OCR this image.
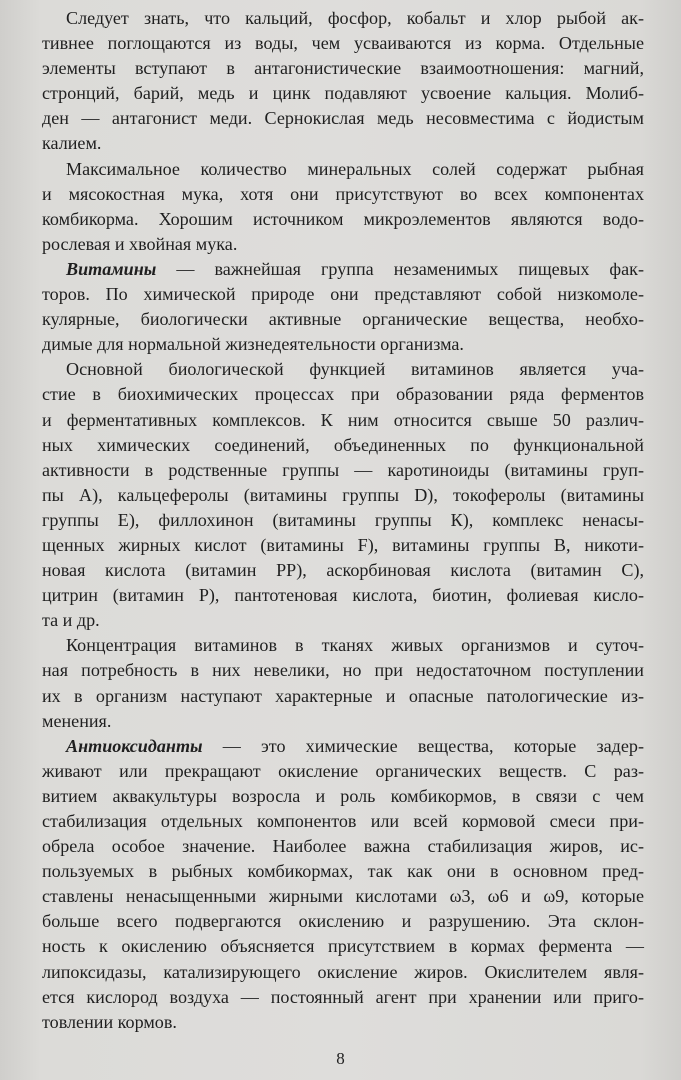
Следует знать, что кальций, фосфор, кобальт и хлор рыбой ак-
тивнее поглощаются из воды, чем усваиваются из корма. Отдельные
элементы вступают в антагонистические взаимоотношения: магний,
стронций, барий, медь и цинк подавляют усвоение кальция. Молиб-
ден — антагонист меди. Сернокислая медь несовместима с йодистым
калием.
Максимальное количество минеральных солей содержат рыбная
и мясокостная мука, хотя они присутствуют во всех компонентах
комбикорма. Хорошим источником микроэлементов являются водо-
рослевая и хвойная мука.
Витамины — важнейшая группа незаменимых пищевых фак-
торов. По химической природе они представляют собой низкомоле-
кулярные, биологически активные органические вещества, необхо-
димые для нормальной жизнедеятельности организма.
Основной биологической функцией витаминов является уча-
стие в биохимических процессах при образовании ряда ферментов
и ферментативных комплексов. К ним относится свыше 50 различ-
ных химических соединений, объединенных по функциональной
активности в родственные группы — каротиноиды (витамины груп-
пы А), кальцеферолы (витамины группы D), токоферолы (витамины
группы Е), филлохинон (витамины группы К), комплекс ненасы-
щенных жирных кислот (витамины F), витамины группы В, никоти-
новая кислота (витамин РР), аскорбиновая кислота (витамин С),
цитрин (витамин Р), пантотеновая кислота, биотин, фолиевая кисло-
та и др.
Концентрация витаминов в тканях живых организмов и суточ-
ная потребность в них невелики, но при недостаточном поступлении
их в организм наступают характерные и опасные патологические из-
менения.
Антиоксиданты — это химические вещества, которые задер-
живают или прекращают окисление органических веществ. С раз-
витием аквакультуры возросла и роль комбикормов, в связи с чем
стабилизация отдельных компонентов или всей кормовой смеси при-
обрела особое значение. Наиболее важна стабилизация жиров, ис-
пользуемых в рыбных комбикормах, так как они в основном пред-
ставлены ненасыщенными жирными кислотами ω3, ω6 и ω9, которые
больше всего подвергаются окислению и разрушению. Эта склон-
ность к окислению объясняется присутствием в кормах фермента —
липоксидазы, катализирующего окисление жиров. Окислителем явля-
ется кислород воздуха — постоянный агент при хранении или приго-
товлении кормов.
8
